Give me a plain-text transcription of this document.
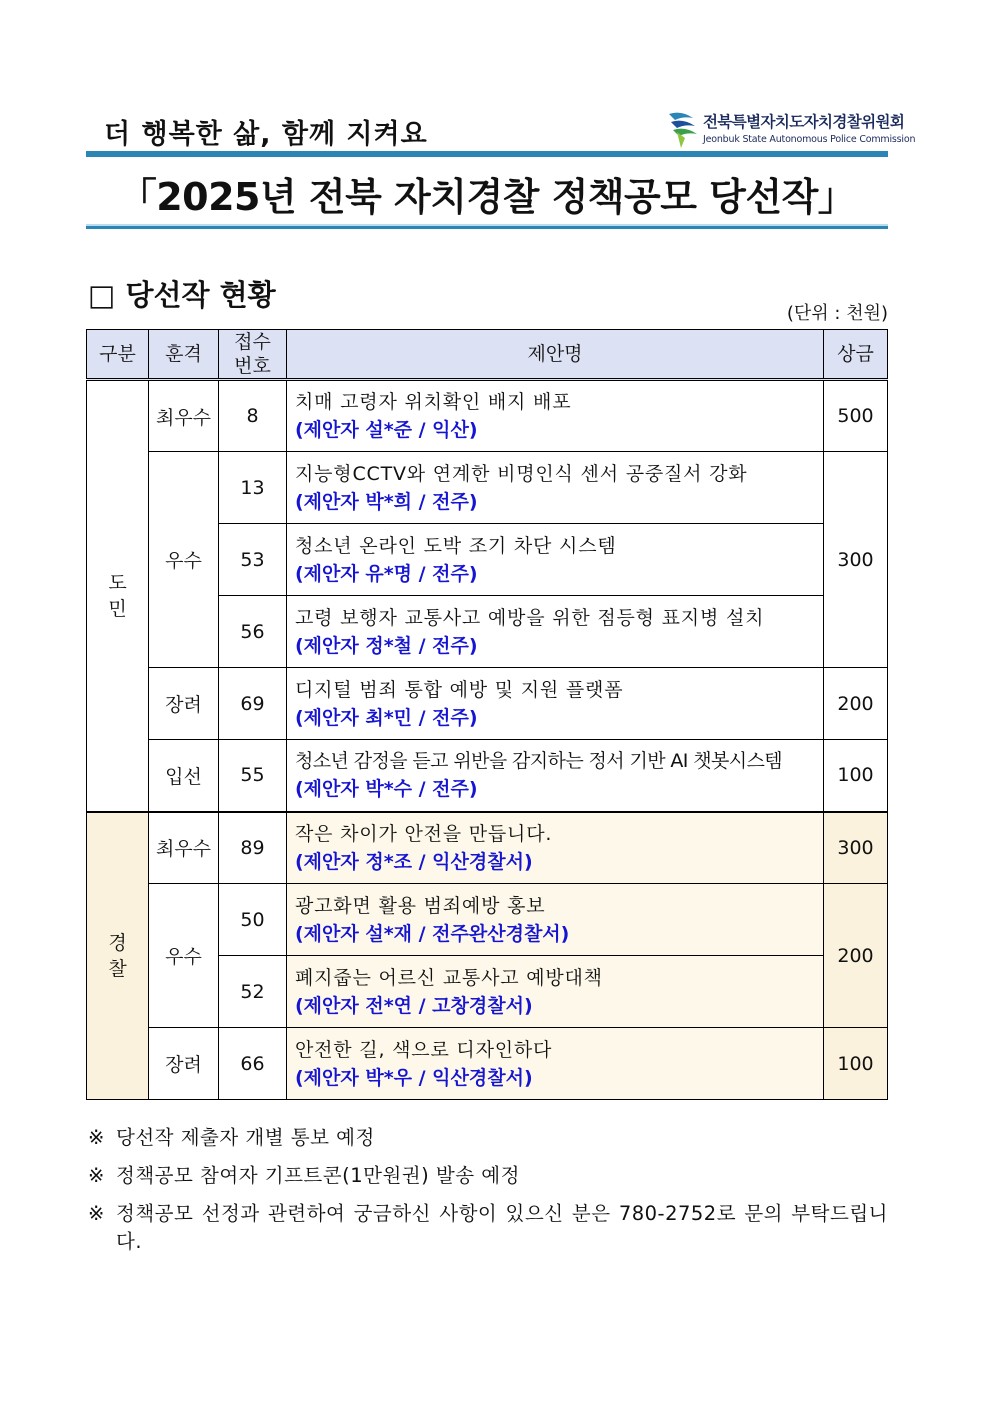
더 행복한 삶, 함께 지켜요	전북특별자치도자치경찰위원회
Jeonbuk State Autonomous Police Commission
「2025년 전북 자치경찰 정책공모 당선작」
□ 당선작 현황
(단위 : 천원)
구분	훈격	접수
번호	제안명	상금
도
민	최우수	8	치매 고령자 위치확인 배지 배포
(제안자 설*준 / 익산)	500
	우수	13	지능형CCTV와 연계한 비명인식 센서 공중질서 강화
(제안자 박*희 / 전주)	300
		53	청소년 온라인 도박 조기 차단 시스템
(제안자 유*명 / 전주)	

		56	고령 보행자 교통사고 예방을 위한 점등형 표지병 설치
(제안자 정*철 / 전주)	

	장려	69	디지털 범죄 통합 예방 및 지원 플랫폼
(제안자 최*민 / 전주)	200
	입선	55	청소년 감정을 듣고 위반을 감지하는 정서 기반 AI 챗봇시스템
(제안자 박*수 / 전주)	100
경
찰	최우수	89	작은 차이가 안전을 만듭니다.
(제안자 정*조 / 익산경찰서)	300
	우수	50	광고화면 활용 범죄예방 홍보
(제안자 설*재 / 전주완산경찰서)	200
		52	폐지줍는 어르신 교통사고 예방대책
(제안자 전*연 / 고창경찰서)	

	장려	66	안전한 길, 색으로 디자인하다
(제안자 박*우 / 익산경찰서)	100
※ 당선작 제출자 개별 통보 예정
※ 정책공모 참여자 기프트콘(1만원권) 발송 예정
※ 정책공모 선정과 관련하여 궁금하신 사항이 있으신 분은 780-2752로 문의 부탁드립니다.
